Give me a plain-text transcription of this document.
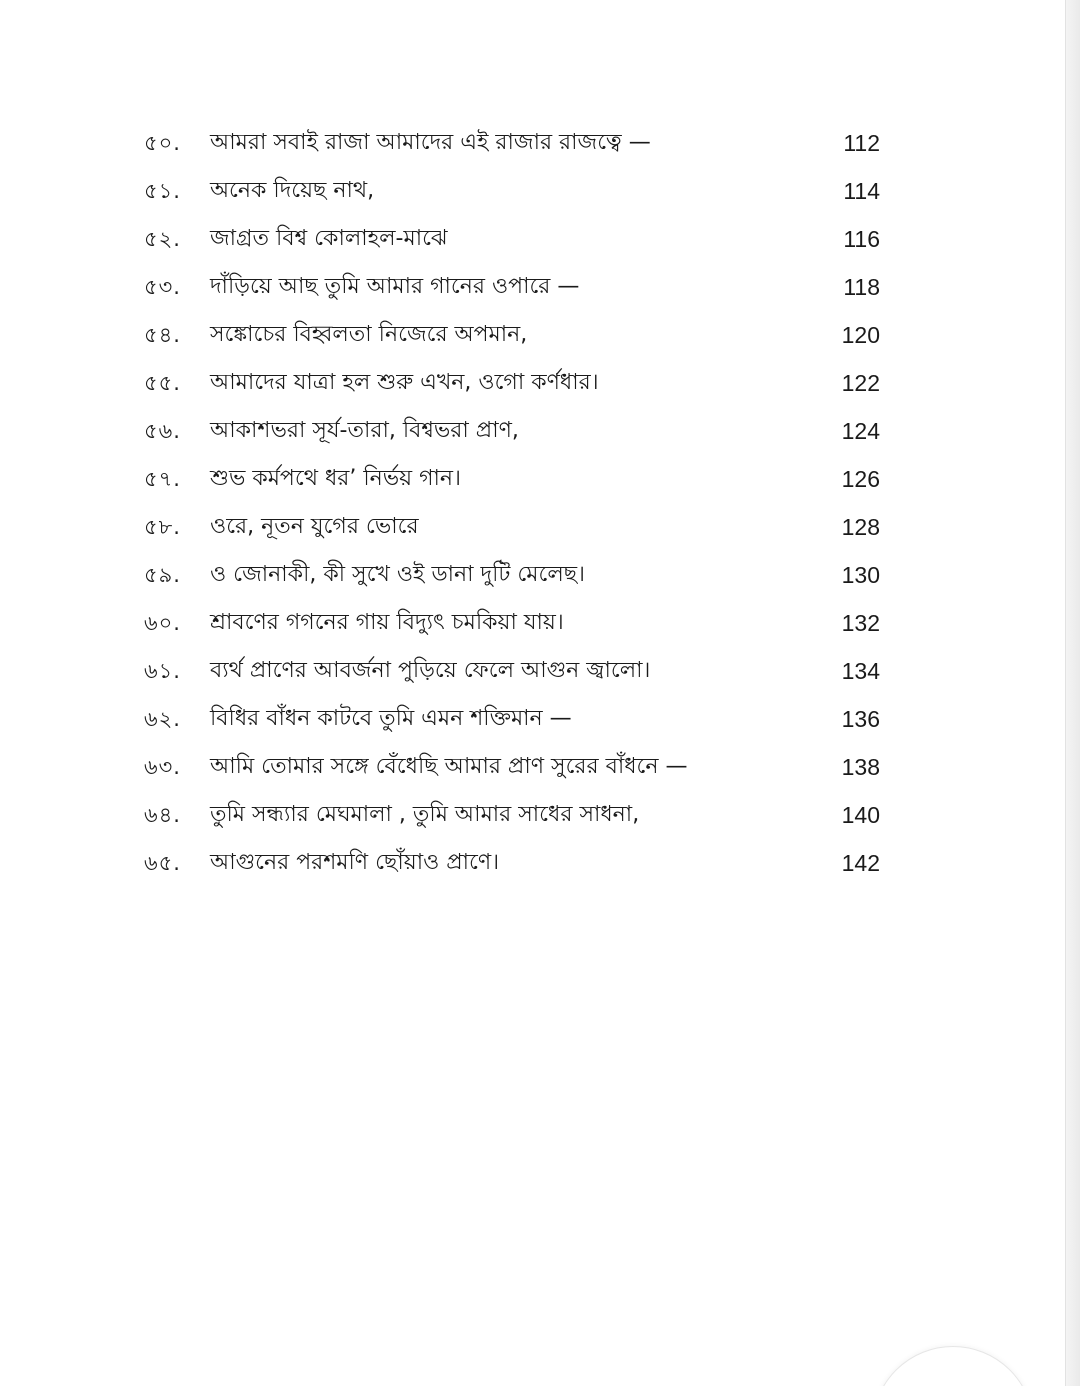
৫০. আমরা সবাই রাজা আমাদের এই রাজার রাজত্বে —	112
৫১. অনেক দিয়েছ নাথ,	114
৫২. জাগ্রত বিশ্ব কোলাহল-মাঝে	116
৫৩. দাঁড়িয়ে আছ তুমি আমার গানের ওপারে —	118
৫৪. সঙ্কোচের বিহ্বলতা নিজেরে অপমান,	120
৫৫. আমাদের যাত্রা হল শুরু এখন, ওগো কর্ণধার।	122
৫৬. আকাশভরা সূর্য-তারা, বিশ্বভরা প্রাণ,	124
৫৭. শুভ কর্মপথে ধর’ নির্ভয় গান।	126
৫৮. ওরে, নূতন যুগের ভোরে	128
৫৯. ও জোনাকী, কী সুখে ওই ডানা দুটি মেলেছ।	130
৬০. শ্রাবণের গগনের গায় বিদ্যুৎ চমকিয়া যায়।	132
৬১. ব্যর্থ প্রাণের আবর্জনা পুড়িয়ে ফেলে আগুন জ্বালো।	134
৬২. বিধির বাঁধন কাটবে তুমি এমন শক্তিমান —	136
৬৩. আমি তোমার সঙ্গে বেঁধেছি আমার প্রাণ সুরের বাঁধনে —	138
৬৪. তুমি সন্ধ্যার মেঘমালা , তুমি আমার সাধের সাধনা,	140
৬৫. আগুনের পরশমণি ছোঁয়াও প্রাণে।	142
